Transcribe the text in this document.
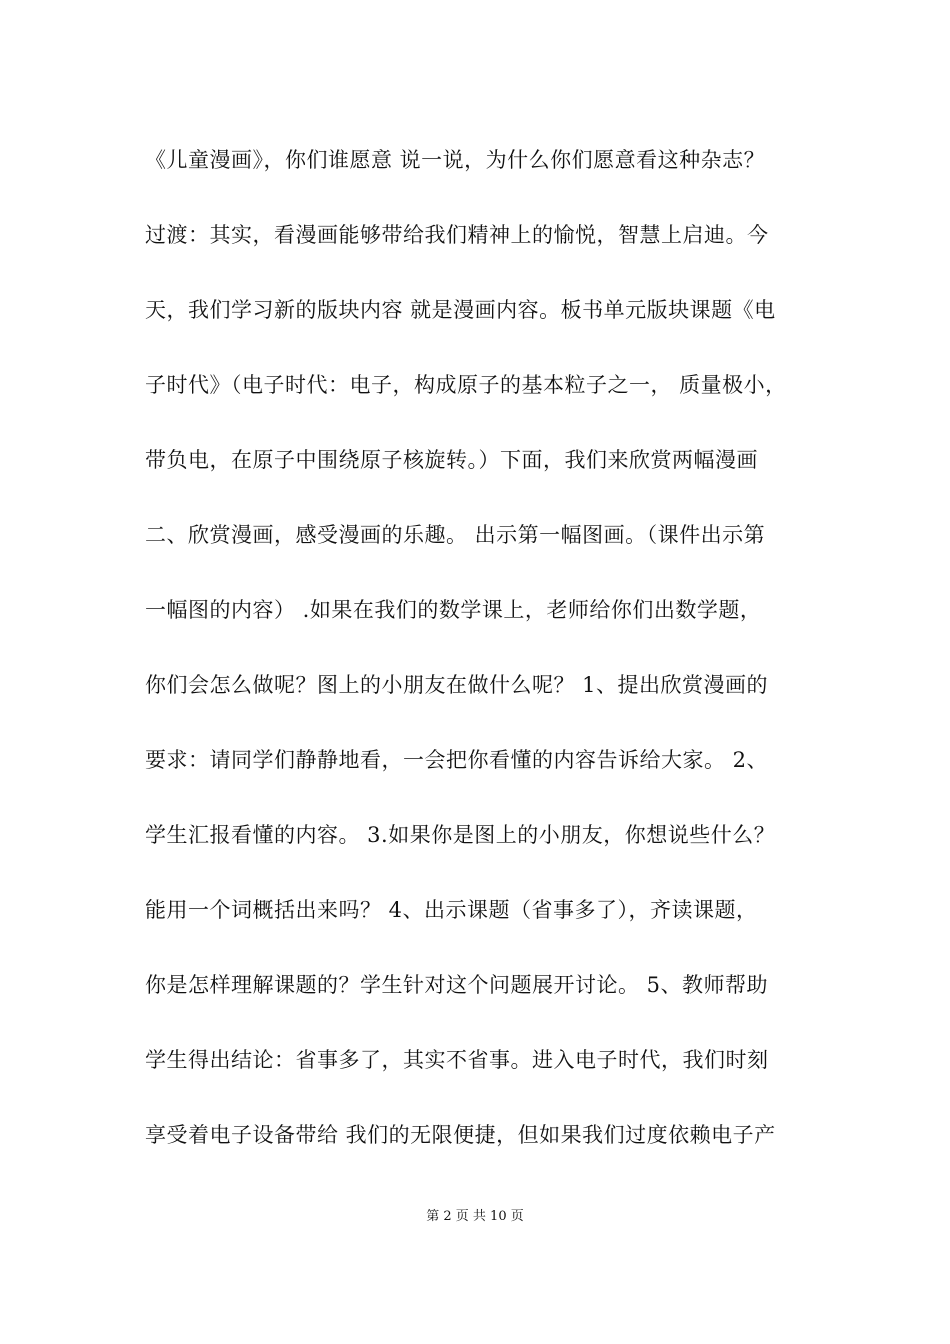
《儿童漫画》，你们谁愿意 说一说，为什么你们愿意看这种杂志？
过渡：其实，看漫画能够带给我们精神上的愉悦，智慧上启迪。今
天，我们学习新的版块内容 就是漫画内容。板书单元版块课题《电
子时代》（电子时代：电子，构成原子的基本粒子之一， 质量极小，
带负电，在原子中围绕原子核旋转。）下面，我们来欣赏两幅漫画
二、欣赏漫画，感受漫画的乐趣。 出示第一幅图画。（课件出示第
一幅图的内容） .如果在我们的数学课上，老师给你们出数学题，
你们会怎么做呢？图上的小朋友在做什么呢？ 1、提出欣赏漫画的
要求：请同学们静静地看，一会把你看懂的内容告诉给大家。 2、
学生汇报看懂的内容。 3.如果你是图上的小朋友，你想说些什么？
能用一个词概括出来吗？ 4、出示课题（省事多了），齐读课题，
你是怎样理解课题的？学生针对这个问题展开讨论。 5、教师帮助
学生得出结论：省事多了，其实不省事。进入电子时代，我们时刻
享受着电子设备带给 我们的无限便捷，但如果我们过度依赖电子产
第 2 页 共 10 页
